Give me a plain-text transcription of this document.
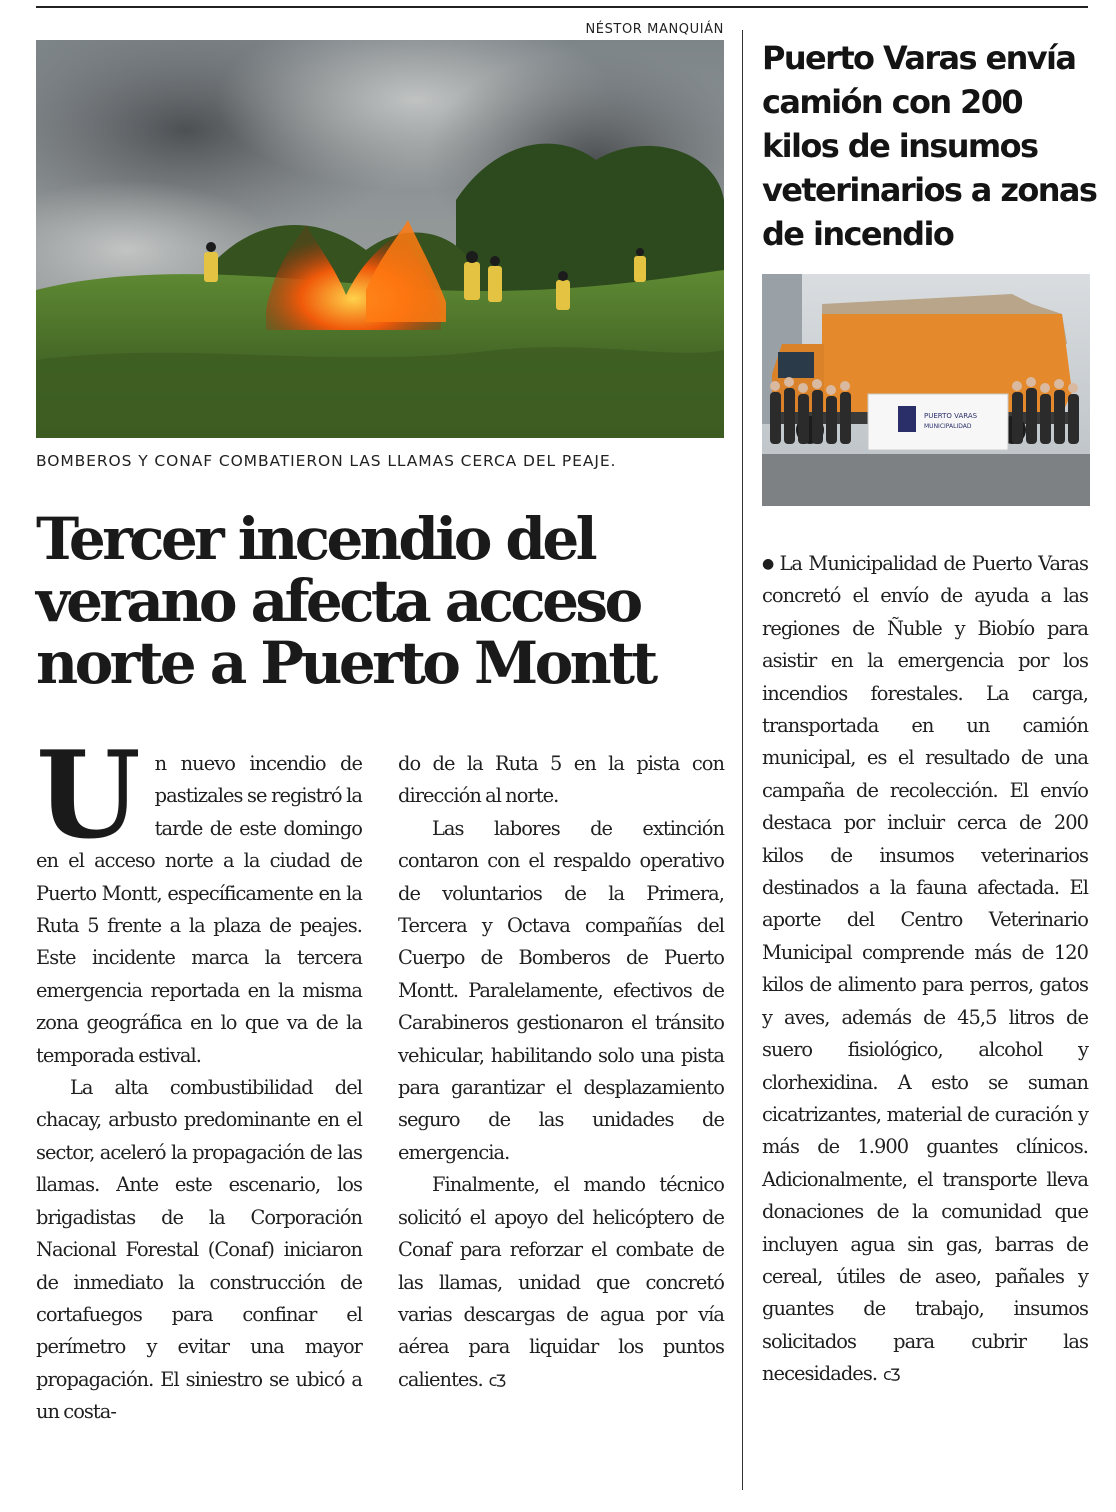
NÉSTOR MANQUIÁN
BOMBEROS Y CONAF COMBATIERON LAS LLAMAS CERCA DEL PEAJE.
Tercer incendio del verano afecta acceso norte a Puerto Montt

Un nuevo incendio de pastizales se registró la tarde de este domingo en el acceso norte a la ciudad de Puerto Montt, específicamente en la Ruta 5 frente a la plaza de peajes. Este incidente marca la tercera emergencia reportada en la misma zona geográfica en lo que va de la temporada estival.

La alta combustibilidad del chacay, arbusto predominante en el sector, aceleró la propagación de las llamas. Ante este escenario, los brigadistas de la Corporación Nacional Forestal (Conaf) iniciaron de inmediato la construcción de cortafuegos para confinar el perímetro y evitar una mayor propagación. El siniestro se ubicó a un costa-

do de la Ruta 5 en la pista con dirección al norte.

Las labores de extinción contaron con el respaldo operativo de voluntarios de la Primera, Tercera y Octava compañías del Cuerpo de Bomberos de Puerto Montt. Paralelamente, efectivos de Carabineros gestionaron el tránsito vehicular, habilitando solo una pista para garantizar el desplazamiento seguro de las unidades de emergencia.

Finalmente, el mando técnico solicitó el apoyo del helicóptero de Conaf para reforzar el combate de las llamas, unidad que concretó varias descargas de agua por vía aérea para liquidar los puntos calientes. ᴄƷ

Puerto Varas envía camión con 200 kilos de insumos veterinarios a zonas de incendio
PUERTO VARAS
MUNICIPALIDAD
● La Municipalidad de Puerto Varas concretó el envío de ayuda a las regiones de Ñuble y Biobío para asistir en la emergencia por los incendios forestales. La carga, transportada en un camión municipal, es el resultado de una campaña de recolección. El envío destaca por incluir cerca de 200 kilos de insumos veterinarios destinados a la fauna afectada. El aporte del Centro Veterinario Municipal comprende más de 120 kilos de alimento para perros, gatos y aves, además de 45,5 litros de suero fisiológico, alcohol y clorhexidina. A esto se suman cicatrizantes, material de curación y más de 1.900 guantes clínicos. Adicionalmente, el transporte lleva donaciones de la comunidad que incluyen agua sin gas, barras de cereal, útiles de aseo, pañales y guantes de trabajo, insumos solicitados para cubrir las necesidades. ᴄƷ
